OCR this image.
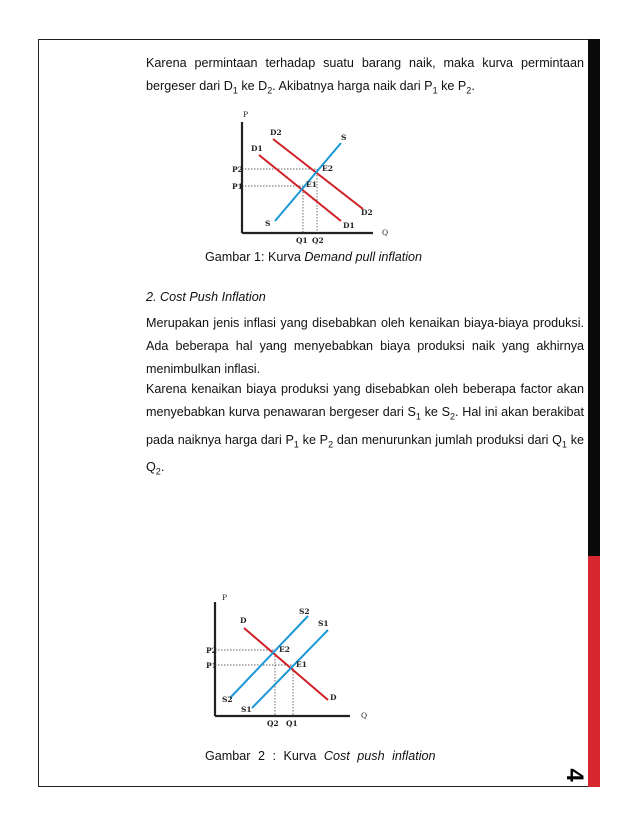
4
Karena permintaan terhadap suatu barang naik, maka kurva permintaan
bergeser dari $D_1$ ke $D_2$. Akibatnya harga naik dari $P_1$ ke $P_2$.
P
Q
D2
D1
S
P2
P1
E2
E1
D2
D1
S
Q1 Q2
Gambar 1: Kurva Demand pull inflation
2. Cost Push Inflation
Merupakan jenis inflasi yang disebabkan oleh kenaikan biaya-biaya produksi.
Ada beberapa hal yang menyebabkan biaya produksi naik yang akhirnya
menimbulkan inflasi.
Karena kenaikan biaya produksi yang disebabkan oleh beberapa factor akan
menyebabkan kurva penawaran bergeser dari $S_1$ ke $S_2$. Hal ini akan berakibat
pada naiknya harga dari $P_1$ ke $P_2$ dan menurunkan jumlah produksi dari $Q_1$ ke
$Q_2$.
P
Q
D
S2
S1
P2
P1
E2
E1
D
S2
S1
Q2 Q1
Gambar 2 : Kurva Cost push inflation
